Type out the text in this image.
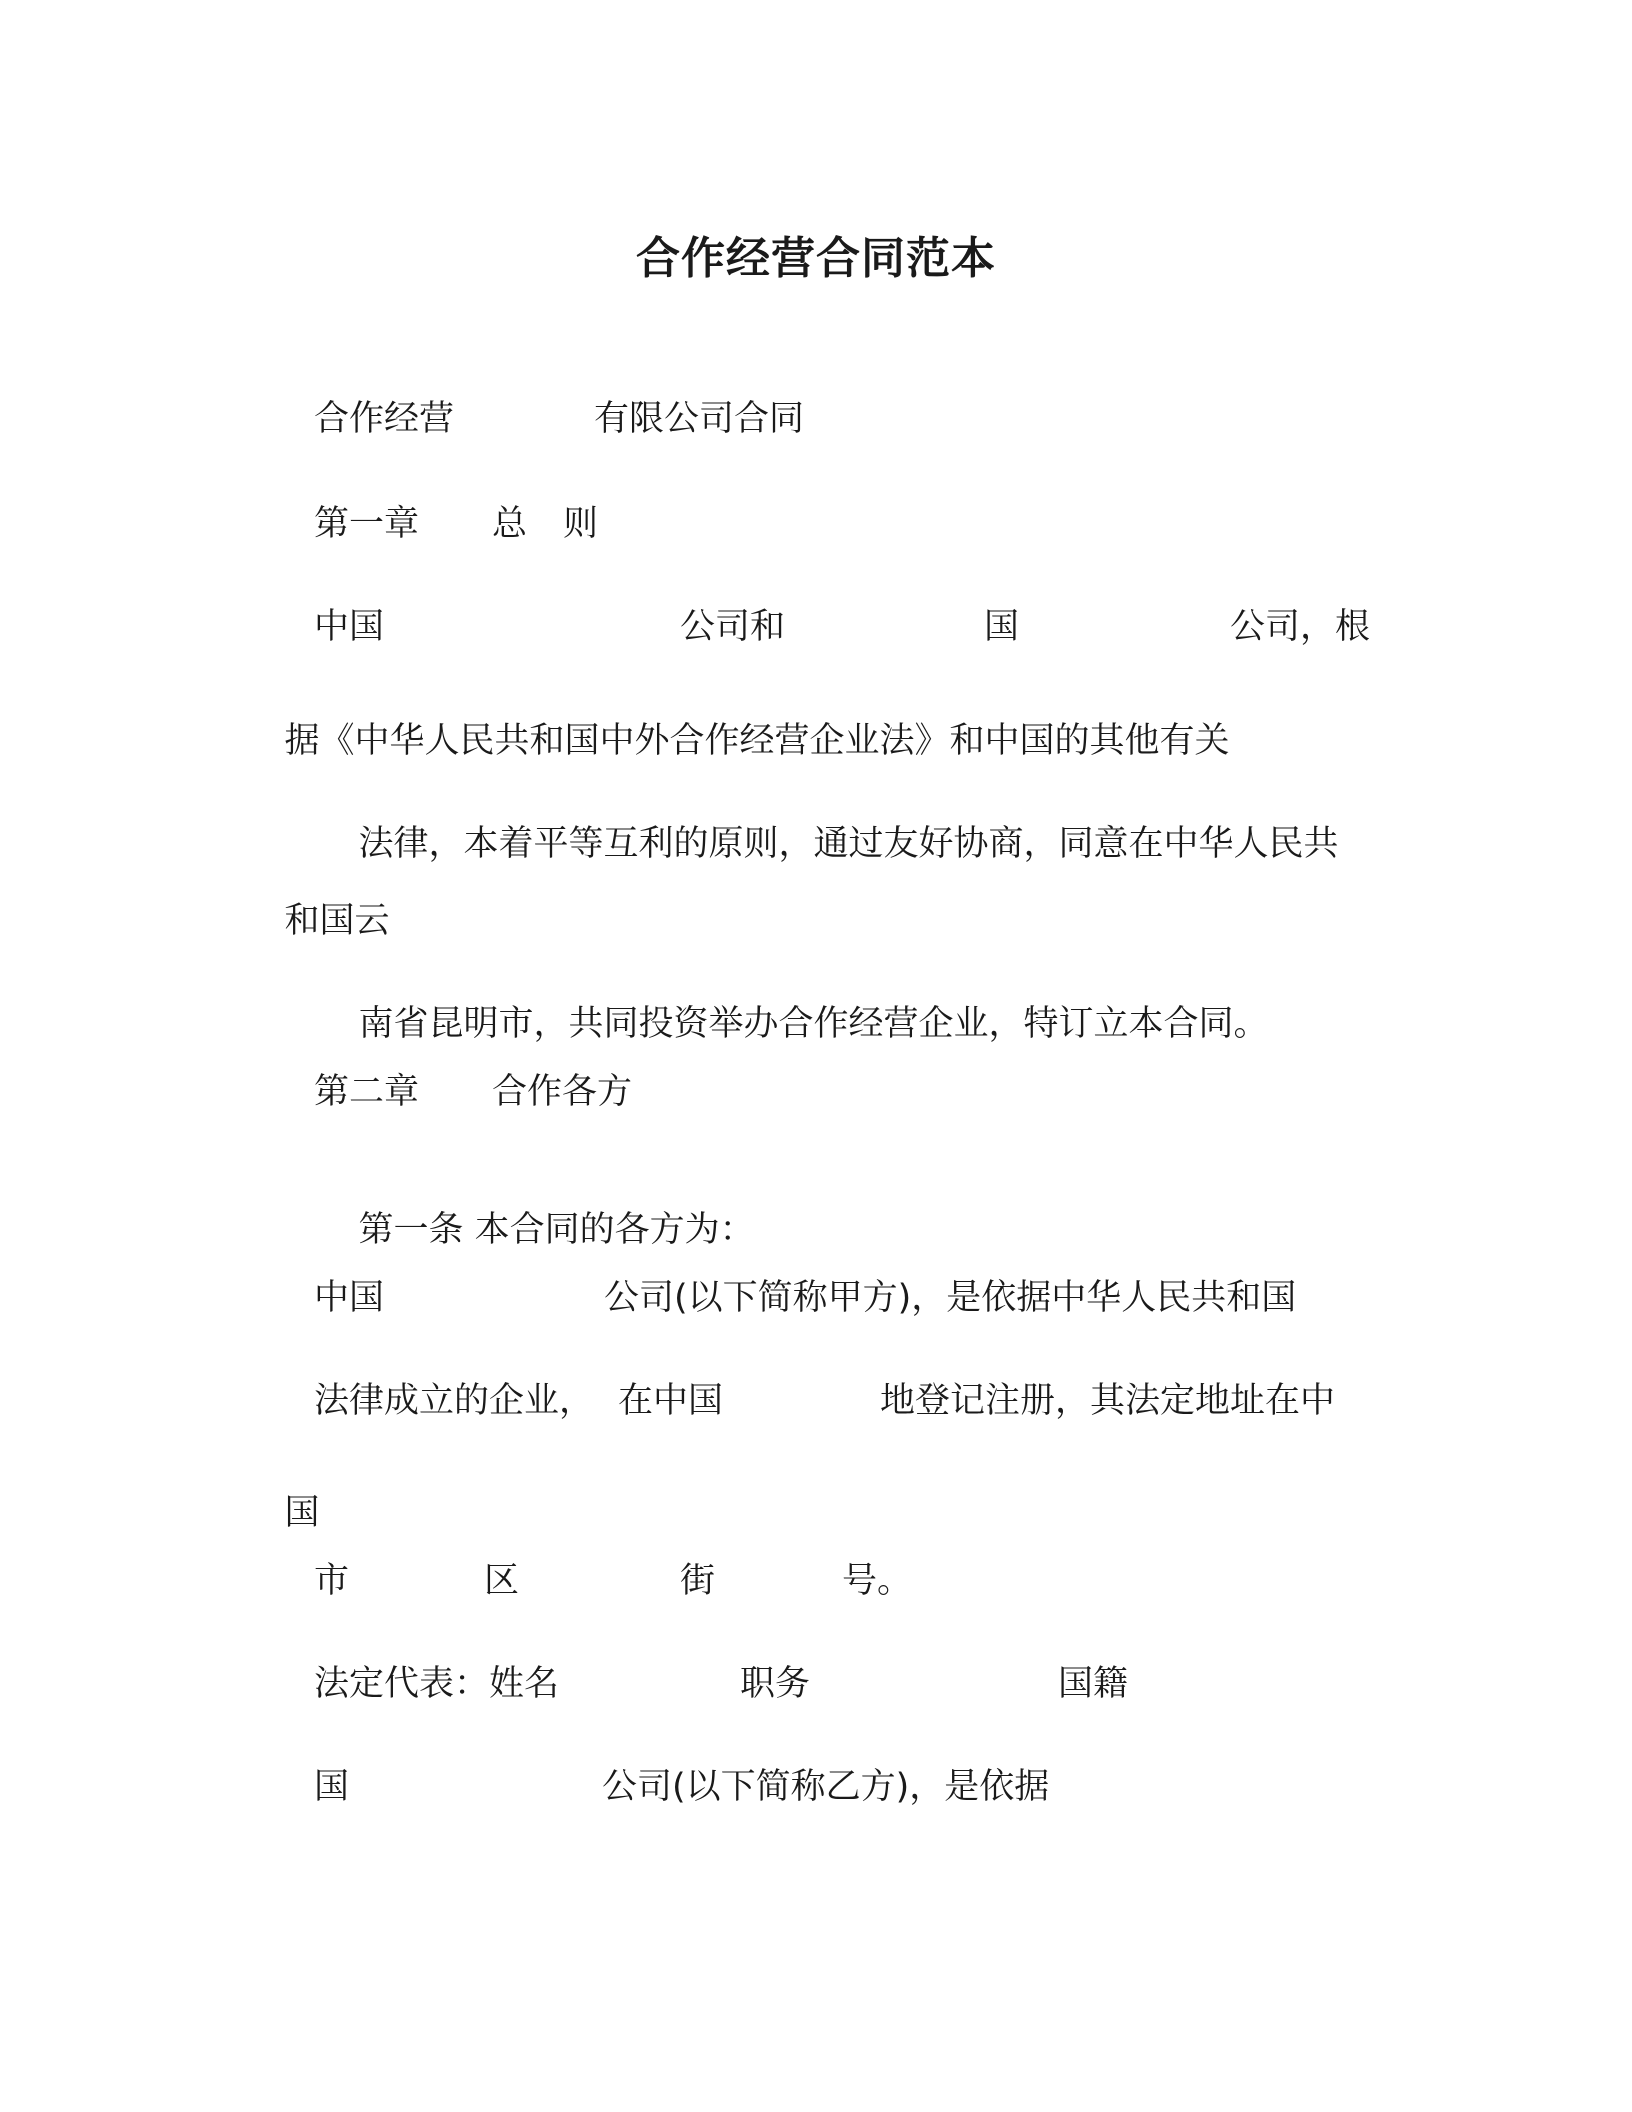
合作经营合同范本

合作经营

	有限公司合同

第一章

总

则

中国

	公司和

	国

	公司，根

据《中华人民共和国中外合作经营企业法》和中国的其他有关

法律，本着平等互利的原则，通过友好协商，同意在中华人民共

和国云

南省昆明市，共同投资举办合作经营企业，特订立本合同。

第二章

合作各方

第一条 本合同的各方为：

中国

	公司(以下简称甲方)，是依据中华人民共和国

法律成立的企业，

在中国

	地登记注册，其法定地址在中

国

市

	区

	街

	号。

法定代表：姓名

	职务

	国籍

国

	公司(以下简称乙方)，是依据
